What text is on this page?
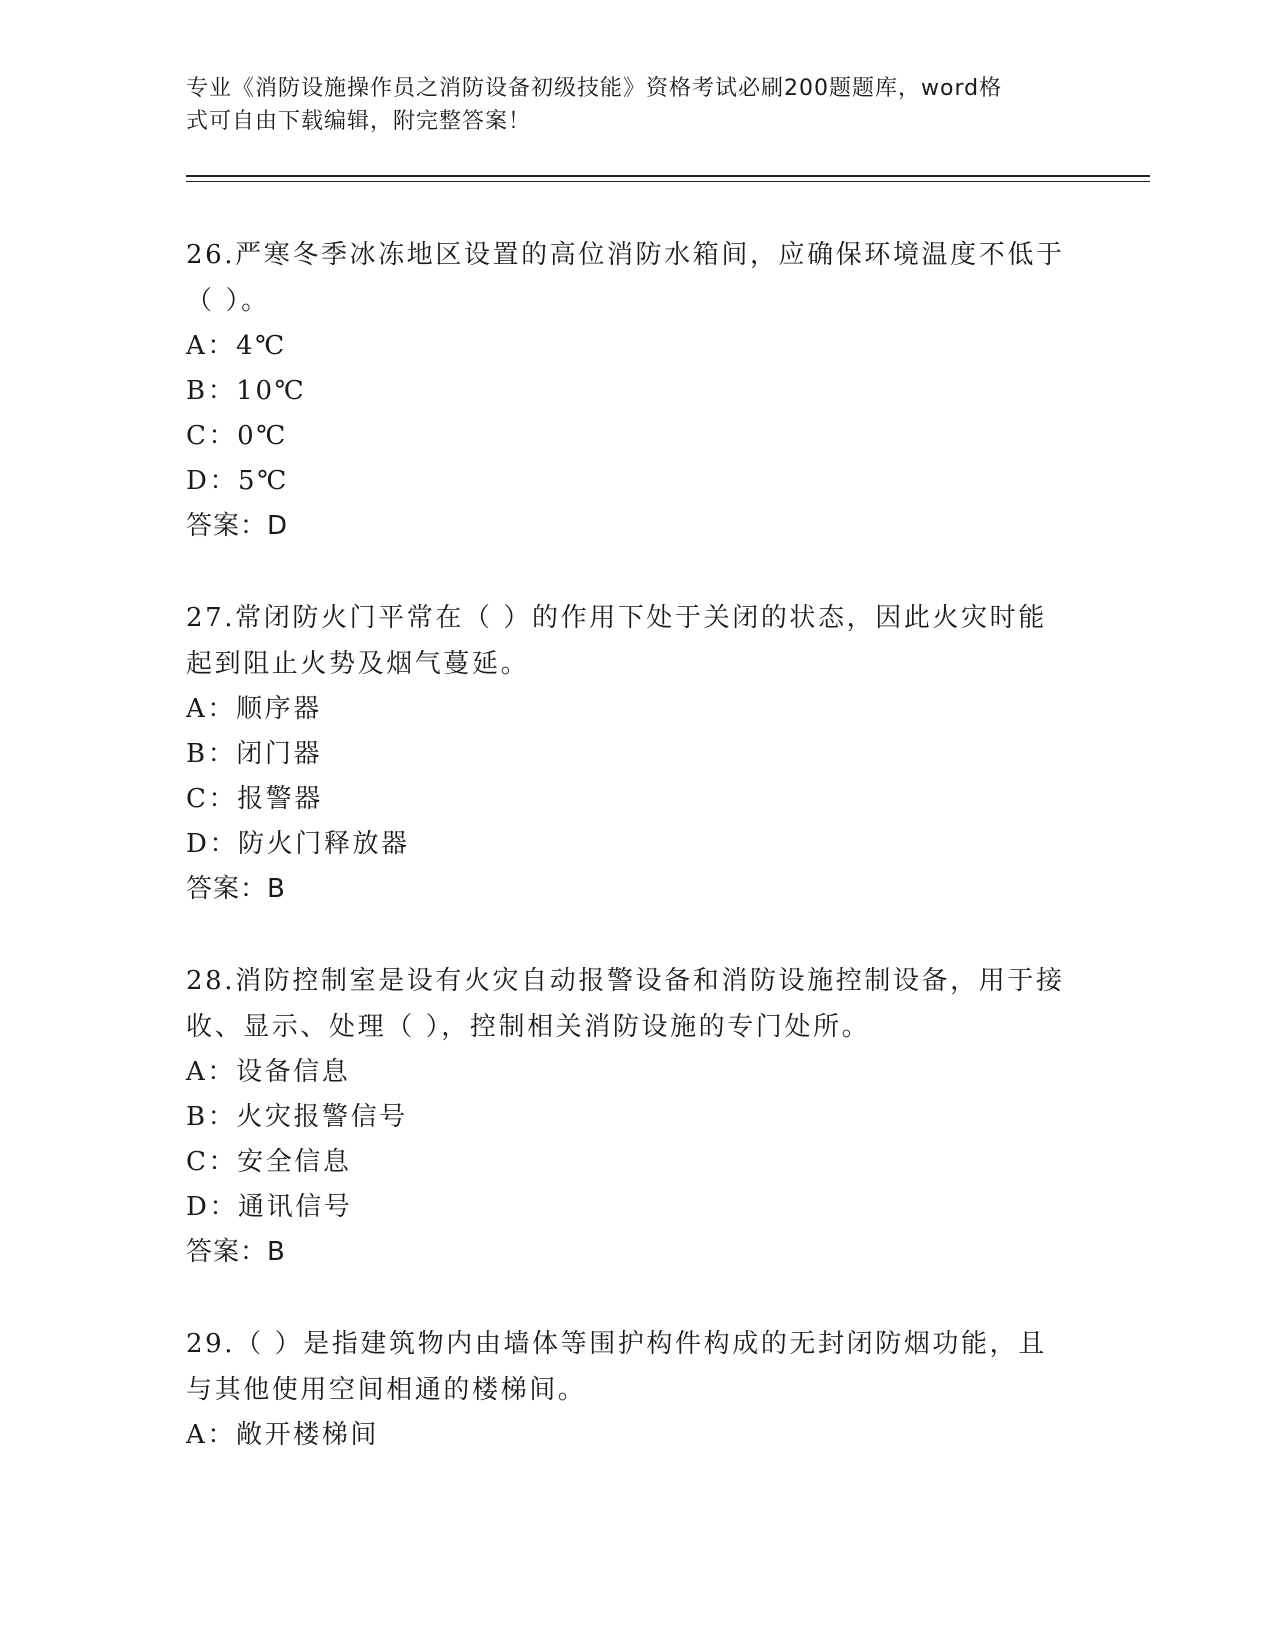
专业《消防设施操作员之消防设备初级技能》资格考试必刷200题题库，word格
式可自由下载编辑，附完整答案！

26.严寒冬季冰冻地区设置的高位消防水箱间，应确保环境温度不低于
（ ）。

A：4℃

B：10℃

C：0℃

D：5℃

答案：D

27.常闭防火门平常在（ ）的作用下处于关闭的状态，因此火灾时能
起到阻止火势及烟气蔓延。

A：顺序器

B：闭门器

C：报警器

D：防火门释放器

答案：B

28.消防控制室是设有火灾自动报警设备和消防设施控制设备，用于接
收、显示、处理（ ），控制相关消防设施的专门处所。

A：设备信息

B：火灾报警信号

C：安全信息

D：通讯信号

答案：B

29.（ ）是指建筑物内由墙体等围护构件构成的无封闭防烟功能，且
与其他使用空间相通的楼梯间。

A：敞开楼梯间
